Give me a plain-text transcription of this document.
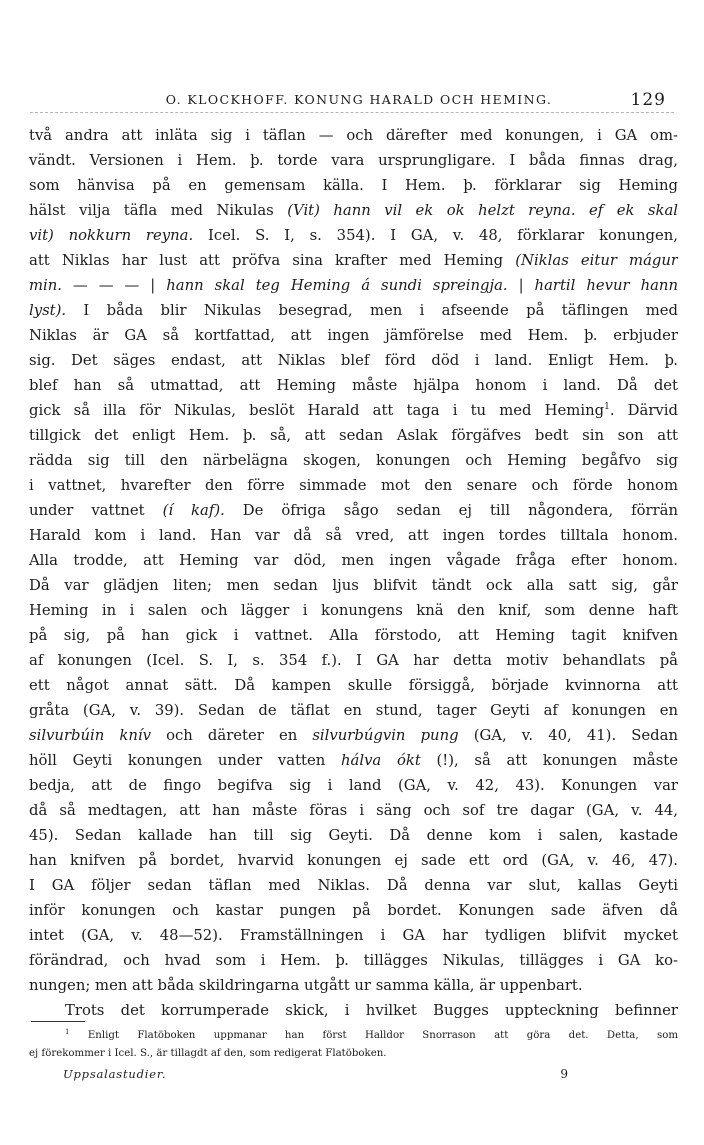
O. KLOCKHOFF. KONUNG HARALD OCH HEMING.	129
två andra att inläta sig i täflan — och därefter med konungen, i GA om-
vändt. Versionen i Hem. þ. torde vara ursprungligare. I båda finnas drag,
som hänvisa på en gemensam källa. I Hem. þ. förklarar sig Heming
hälst vilja täfla med Nikulas (Vit) hann vil ek ok helzt reyna. ef ek skal
vit) nokkurn reyna. Icel. S. I, s. 354). I GA, v. 48, förklarar konungen,
att Niklas har lust att pröfva sina krafter med Heming (Niklas eitur mágur
min. — — — | hann skal teg Heming á sundi spreingja. | hartil hevur hann
lyst). I båda blir Nikulas besegrad, men i afseende på täflingen med
Niklas är GA så kortfattad, att ingen jämförelse med Hem. þ. erbjuder
sig. Det säges endast, att Niklas blef förd död i land. Enligt Hem. þ.
blef han så utmattad, att Heming måste hjälpa honom i land. Då det
gick så illa för Nikulas, beslöt Harald att taga i tu med Heming$^1$. Därvid
tillgick det enligt Hem. þ. så, att sedan Aslak förgäfves bedt sin son att
rädda sig till den närbelägna skogen, konungen och Heming begåfvo sig
i vattnet, hvarefter den förre simmade mot den senare och förde honom
under vattnet (í kaf). De öfriga sågo sedan ej till någondera, förrän
Harald kom i land. Han var då så vred, att ingen tordes tilltala honom.
Alla trodde, att Heming var död, men ingen vågade fråga efter honom.
Då var glädjen liten; men sedan ljus blifvit tändt ock alla satt sig, går
Heming in i salen och lägger i konungens knä den knif, som denne haft
på sig, på han gick i vattnet. Alla förstodo, att Heming tagit knifven
af konungen (Icel. S. I, s. 354 f.). I GA har detta motiv behandlats på
ett något annat sätt. Då kampen skulle försiggå, började kvinnorna att
gråta (GA, v. 39). Sedan de täflat en stund, tager Geyti af konungen en
silvurbúin knív och däreter en silvurbúgvin pung (GA, v. 40, 41). Sedan
höll Geyti konungen under vatten hálva ókt (!), så att konungen måste
bedja, att de fingo begifva sig i land (GA, v. 42, 43). Konungen var
då så medtagen, att han måste föras i säng och sof tre dagar (GA, v. 44,
45). Sedan kallade han till sig Geyti. Då denne kom i salen, kastade
han knifven på bordet, hvarvid konungen ej sade ett ord (GA, v. 46, 47).
I GA följer sedan täflan med Niklas. Då denna var slut, kallas Geyti
inför konungen och kastar pungen på bordet. Konungen sade äfven då
intet (GA, v. 48—52). Framställningen i GA har tydligen blifvit mycket
förändrad, och hvad som i Hem. þ. tillägges Nikulas, tillägges i GA ko-
nungen; men att båda skildringarna utgått ur samma källa, är uppenbart.
Trots det korrumperade skick, i hvilket Bugges uppteckning befinner
$^1$ Enligt Flatöboken uppmanar han först Halldor Snorrason att göra det. Detta, som
ej förekommer i Icel. S., är tillagdt af den, som redigerat Flatöboken.
Uppsalastudier.	9
